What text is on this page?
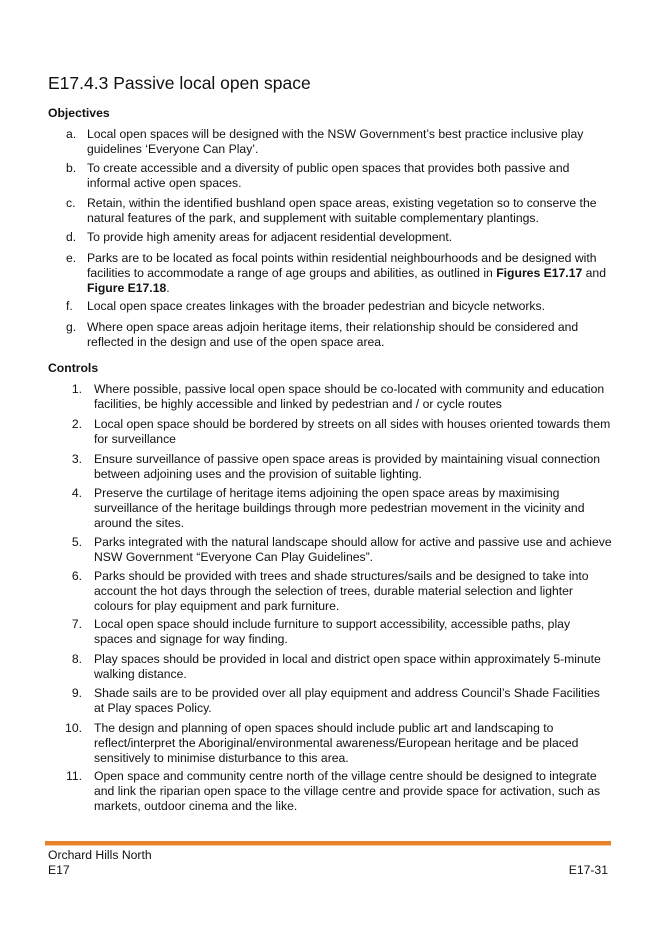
E17.4.3 Passive local open space
Objectives
a. Local open spaces will be designed with the NSW Government’s best practice inclusive play
guidelines ‘Everyone Can Play’.
b. To create accessible and a diversity of public open spaces that provides both passive and
informal active open spaces.
c. Retain, within the identified bushland open space areas, existing vegetation so to conserve the
natural features of the park, and supplement with suitable complementary plantings.
d. To provide high amenity areas for adjacent residential development.
e. Parks are to be located as focal points within residential neighbourhoods and be designed with
facilities to accommodate a range of age groups and abilities, as outlined in Figures E17.17 and
Figure E17.18.
f.	Local open space creates linkages with the broader pedestrian and bicycle networks.
g. Where open space areas adjoin heritage items, their relationship should be considered and
reflected in the design and use of the open space area.
Controls
1. Where possible, passive local open space should be co-located with community and education
facilities, be highly accessible and linked by pedestrian and / or cycle routes
2. Local open space should be bordered by streets on all sides with houses oriented towards them
for surveillance
3. Ensure surveillance of passive open space areas is provided by maintaining visual connection
between adjoining uses and the provision of suitable lighting.
4. Preserve the curtilage of heritage items adjoining the open space areas by maximising
surveillance of the heritage buildings through more pedestrian movement in the vicinity and
around the sites.
5. Parks integrated with the natural landscape should allow for active and passive use and achieve
NSW Government “Everyone Can Play Guidelines”.
6. Parks should be provided with trees and shade structures/sails and be designed to take into
account the hot days through the selection of trees, durable material selection and lighter
colours for play equipment and park furniture.
7. Local open space should include furniture to support accessibility, accessible paths, play
spaces and signage for way finding.
8. Play spaces should be provided in local and district open space within approximately 5-minute
walking distance.
9. Shade sails are to be provided over all play equipment and address Council’s Shade Facilities
at Play spaces Policy.
10. The design and planning of open spaces should include public art and landscaping to
reflect/interpret the Aboriginal/environmental awareness/European heritage and be placed
sensitively to minimise disturbance to this area.
11. Open space and community centre north of the village centre should be designed to integrate
and link the riparian open space to the village centre and provide space for activation, such as
markets, outdoor cinema and the like.
Orchard Hills North
E17	E17-31
